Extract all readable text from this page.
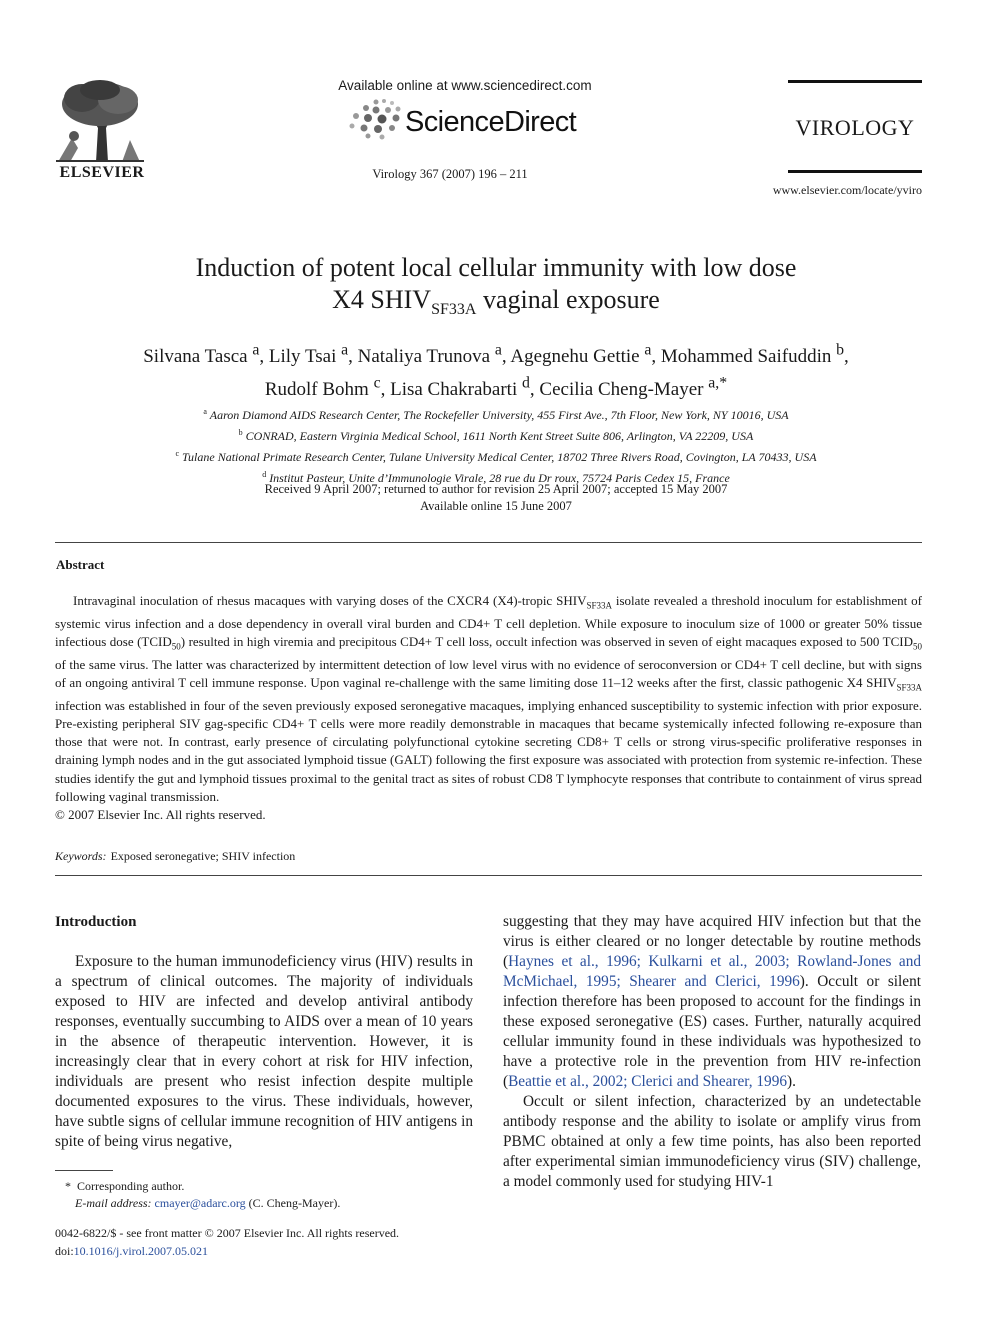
ELSEVIER
Available online at www.sciencedirect.com
ScienceDirect
Virology 367 (2007) 196 – 211
VIROLOGY
www.elsevier.com/locate/yviro
Induction of potent local cellular immunity with low dose
X4 $SHIV_{SF33A}$ vaginal exposure
Silvana Tasca $^a$, Lily Tsai $^a$, Nataliya Trunova $^a$, Agegnehu Gettie $^a$, Mohammed Saifuddin $^b$,
Rudolf Bohm $^c$, Lisa Chakrabarti $^d$, Cecilia Cheng-Mayer $^{a,*}$
$^a$ Aaron Diamond AIDS Research Center, The Rockefeller University, 455 First Ave., 7th Floor, New York, NY 10016, USA
$^b$ CONRAD, Eastern Virginia Medical School, 1611 North Kent Street Suite 806, Arlington, VA 22209, USA
$^c$ Tulane National Primate Research Center, Tulane University Medical Center, 18702 Three Rivers Road, Covington, LA 70433, USA
$^d$ Institut Pasteur, Unite d’Immunologie Virale, 28 rue du Dr roux, 75724 Paris Cedex 15, France
Received 9 April 2007; returned to author for revision 25 April 2007; accepted 15 May 2007
Available online 15 June 2007
Abstract

Intravaginal inoculation of rhesus macaques with varying doses of the CXCR4 (X4)-tropic $SHIV_{SF33A}$ isolate revealed a threshold inoculum for establishment of systemic virus infection and a dose dependency in overall viral burden and CD4+ T cell depletion. While exposure to inoculum size of 1000 or greater 50% tissue infectious dose $(TCID_{50})$ resulted in high viremia and precipitous CD4+ T cell loss, occult infection was observed in seven of eight macaques exposed to 500 $TCID_{50}$ of the same virus. The latter was characterized by intermittent detection of low level virus with no evidence of seroconversion or CD4+ T cell decline, but with signs of an ongoing antiviral T cell immune response. Upon vaginal re-challenge with the same limiting dose 11–12 weeks after the first, classic pathogenic X4 $SHIV_{SF33A}$ infection was established in four of the seven previously exposed seronegative macaques, implying enhanced susceptibility to systemic infection with prior exposure. Pre-existing peripheral SIV gag-specific CD4+ T cells were more readily demonstrable in macaques that became systemically infected following re-exposure than those that were not. In contrast, early presence of circulating polyfunctional cytokine secreting CD8+ T cells or strong virus-specific proliferative responses in draining lymph nodes and in the gut associated lymphoid tissue (GALT) following the first exposure was associated with protection from systemic re-infection. These studies identify the gut and lymphoid tissues proximal to the genital tract as sites of robust CD8 T lymphocyte responses that contribute to containment of virus spread following vaginal transmission.

© 2007 Elsevier Inc. All rights reserved.
Keywords: Exposed seronegative; SHIV infection

Introduction

Exposure to the human immunodeficiency virus (HIV) results in a spectrum of clinical outcomes. The majority of individuals exposed to HIV are infected and develop antiviral antibody responses, eventually succumbing to AIDS over a mean of 10 years in the absence of therapeutic intervention. However, it is increasingly clear that in every cohort at risk for HIV infection, individuals are present who resist infection despite multiple documented exposures to the virus. These individuals, however, have subtle signs of cellular immune recognition of HIV antigens in spite of being virus negative,

suggesting that they may have acquired HIV infection but that the virus is either cleared or no longer detectable by routine methods (Haynes et al., 1996; Kulkarni et al., 2003; Rowland-Jones and McMichael, 1995; Shearer and Clerici, 1996). Occult or silent infection therefore has been proposed to account for the findings in these exposed seronegative (ES) cases. Further, naturally acquired cellular immunity found in these individuals was hypothesized to have a protective role in the prevention from HIV re-infection (Beattie et al., 2002; Clerici and Shearer, 1996).

Occult or silent infection, characterized by an undetectable antibody response and the ability to isolate or amplify virus from PBMC obtained at only a few time points, has also been reported after experimental simian immunodeficiency virus (SIV) challenge, a model commonly used for studying HIV-1

* Corresponding author.
E-mail address: cmayer@adarc.org (C. Cheng-Mayer).
0042-6822/$ - see front matter © 2007 Elsevier Inc. All rights reserved.
doi:10.1016/j.virol.2007.05.021
